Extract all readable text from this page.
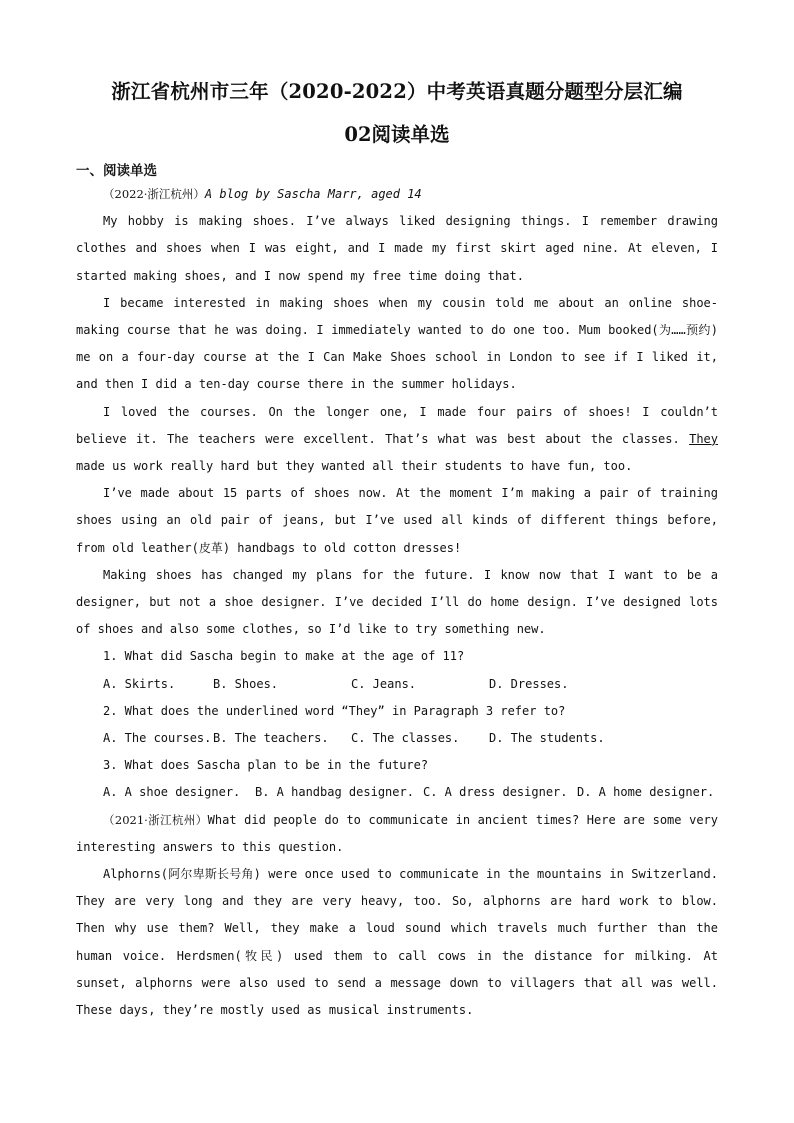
浙江省杭州市三年（2020-2022）中考英语真题分题型分层汇编
02阅读单选
一、阅读单选

（2022·浙江杭州）A blog by Sascha Marr, aged 14

My hobby is making shoes. I’ve always liked designing things. I remember drawing clothes and shoes when I was eight, and I made my first skirt aged nine. At eleven, I started making shoes, and I now spend my free time doing that.

I became interested in making shoes when my cousin told me about an online shoe-making course that he was doing. I immediately wanted to do one too. Mum booked(为……预约) me on a four-day course at the I Can Make Shoes school in London to see if I liked it, and then I did a ten-day course there in the summer holidays.

I loved the courses. On the longer one, I made four pairs of shoes! I couldn’t believe it. The teachers were excellent. That’s what was best about the classes. They made us work really hard but they wanted all their students to have fun, too.

I’ve made about 15 parts of shoes now. At the moment I’m making a pair of training shoes using an old pair of jeans, but I’ve used all kinds of different things before, from old leather(皮革) handbags to old cotton dresses!

Making shoes has changed my plans for the future. I know now that I want to be a designer, but not a shoe designer. I’ve decided I’ll do home design. I’ve designed lots of shoes and also some clothes, so I’d like to try something new.

1. What did Sascha begin to make at the age of 11?
A. Skirts.	B. Shoes.	C. Jeans.	D. Dresses.
2. What does the underlined word “They” in Paragraph 3 refer to?
A. The courses. B. The teachers.	C. The classes.	D. The students.
3. What does Sascha plan to be in the future?
A. A shoe designer.	B. A handbag designer. C. A dress designer. D. A home designer.

（2021·浙江杭州）What did people do to communicate in ancient times? Here are some very interesting answers to this question.

Alphorns(阿尔卑斯长号角) were once used to communicate in the mountains in Switzerland. They are very long and they are very heavy, too. So, alphorns are hard work to blow. Then why use them? Well, they make a loud sound which travels much further than the human voice. Herdsmen(牧民) used them to call cows in the distance for milking. At sunset, alphorns were also used to send a message down to villagers that all was well. These days, they’re mostly used as musical instruments.
